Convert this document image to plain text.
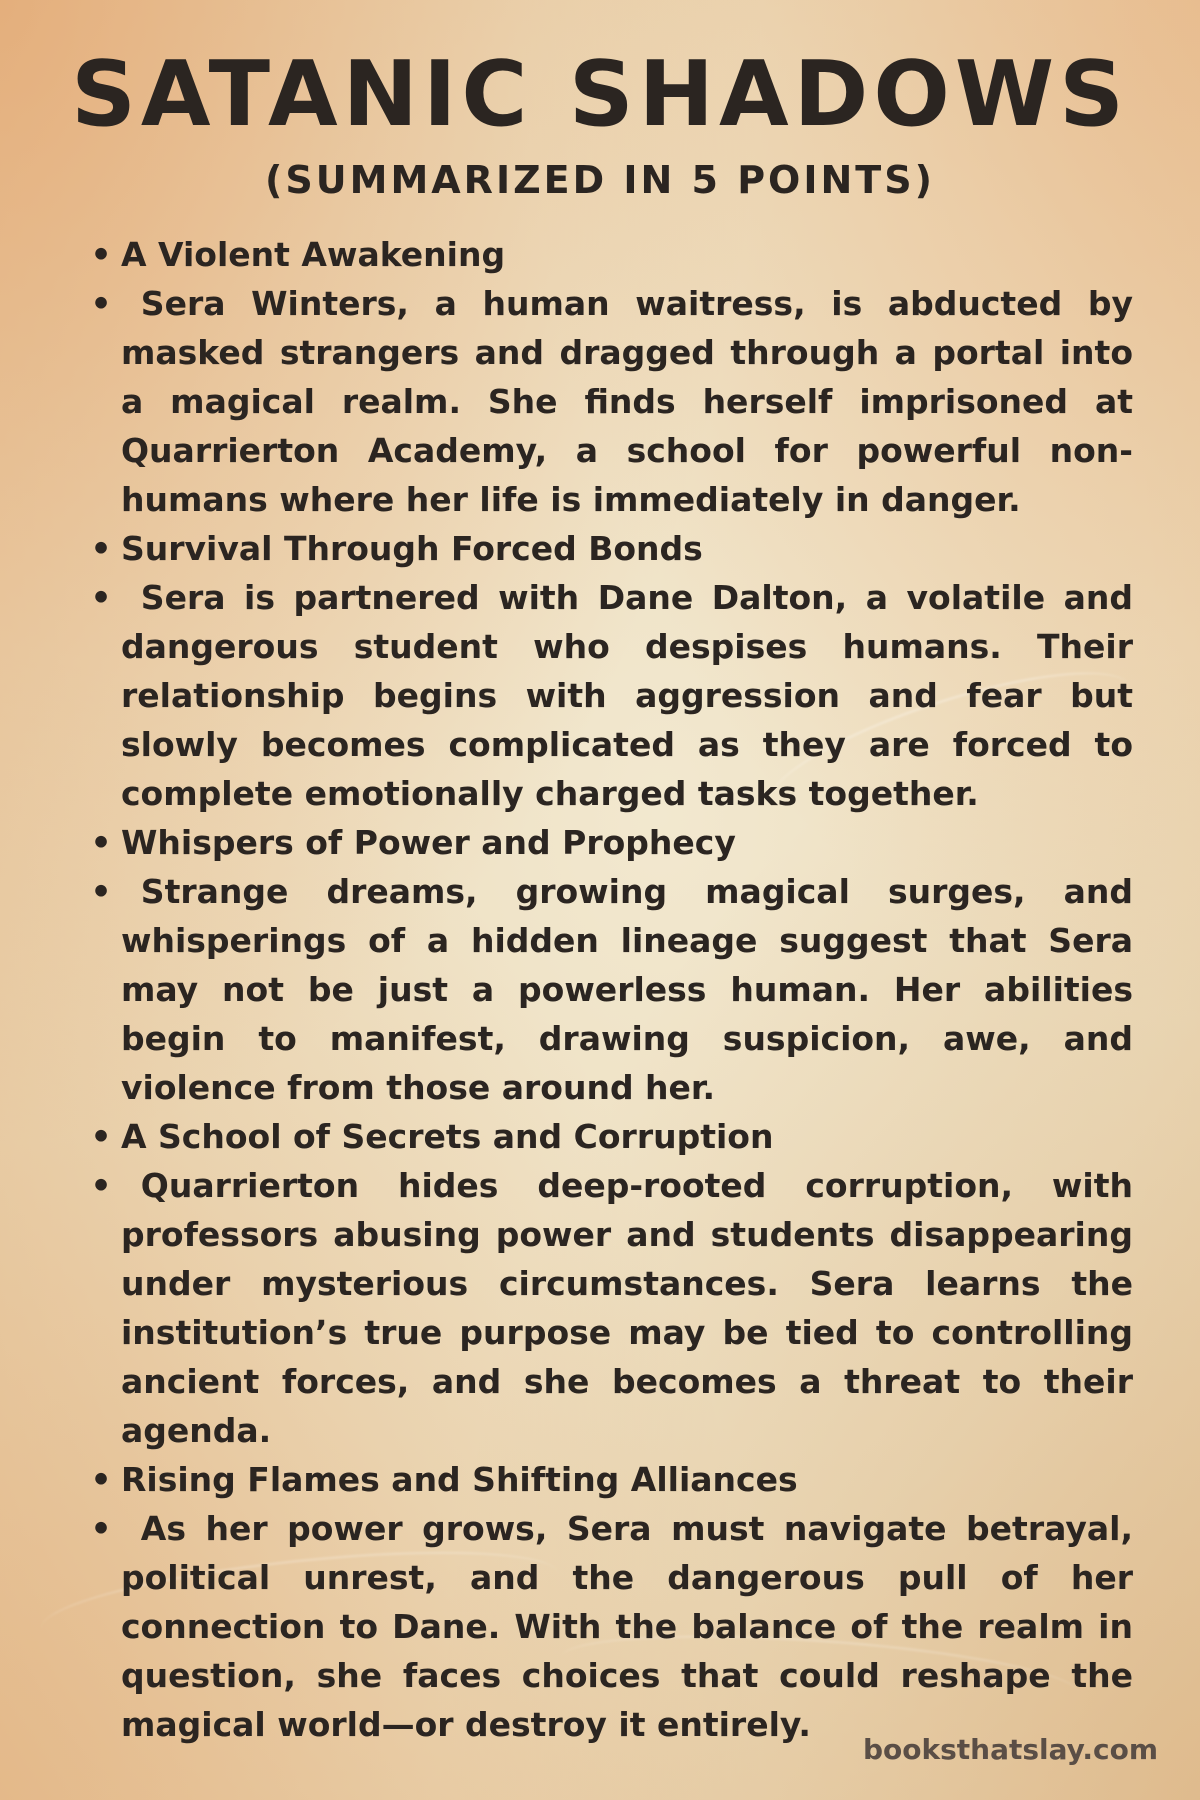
SATANIC SHADOWS
(SUMMARIZED IN 5 POINTS)
• A Violent Awakening
• Sera Winters, a human waitress, is abducted by masked strangers and dragged through a portal into a magical realm. She finds herself imprisoned at Quarrierton Academy, a school for powerful non-humans where her life is immediately in danger.
• Survival Through Forced Bonds
• Sera is partnered with Dane Dalton, a volatile and dangerous student who despises humans. Their relationship begins with aggression and fear but slowly becomes complicated as they are forced to complete emotionally charged tasks together.
• Whispers of Power and Prophecy
• Strange dreams, growing magical surges, and whisperings of a hidden lineage suggest that Sera may not be just a powerless human. Her abilities begin to manifest, drawing suspicion, awe, and violence from those around her.
• A School of Secrets and Corruption
• Quarrierton hides deep-rooted corruption, with professors abusing power and students disappearing under mysterious circumstances. Sera learns the institution’s true purpose may be tied to controlling ancient forces, and she becomes a threat to their agenda.
• Rising Flames and Shifting Alliances
• As her power grows, Sera must navigate betrayal, political unrest, and the dangerous pull of her connection to Dane. With the balance of the realm in question, she faces choices that could reshape the magical world—or destroy it entirely.
booksthatslay.com
